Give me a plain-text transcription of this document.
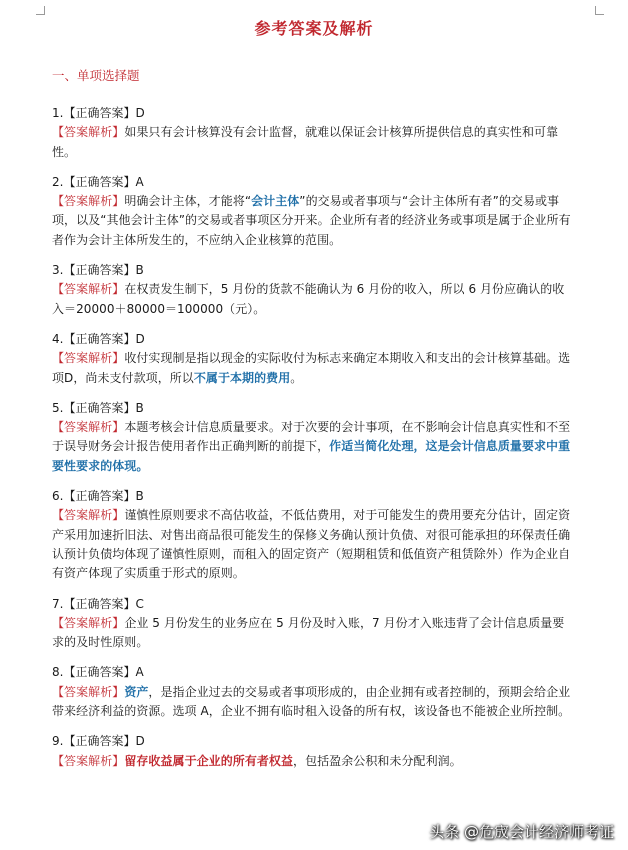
参考答案及解析
一、单项选择题
1.【正确答案】D
【答案解析】如果只有会计核算没有会计监督，就难以保证会计核算所提供信息的真实性和可靠性。
2.【正确答案】A
【答案解析】明确会计主体，才能将“会计主体”的交易或者事项与“会计主体所有者”的交易或事项，以及“其他会计主体”的交易或者事项区分开来。企业所有者的经济业务或事项是属于企业所有者作为会计主体所发生的，不应纳入企业核算的范围。
3.【正确答案】B
【答案解析】在权责发生制下，5 月份的货款不能确认为 6 月份的收入，所以 6 月份应确认的收入＝20000＋80000＝100000（元）。
4.【正确答案】D
【答案解析】收付实现制是指以现金的实际收付为标志来确定本期收入和支出的会计核算基础。选项D，尚未支付款项，所以不属于本期的费用。
5.【正确答案】B
【答案解析】本题考核会计信息质量要求。对于次要的会计事项，在不影响会计信息真实性和不至于误导财务会计报告使用者作出正确判断的前提下，作适当简化处理，这是会计信息质量要求中重要性要求的体现。
6.【正确答案】B
【答案解析】谨慎性原则要求不高估收益，不低估费用，对于可能发生的费用要充分估计，固定资产采用加速折旧法、对售出商品很可能发生的保修义务确认预计负债、对很可能承担的环保责任确认预计负债均体现了谨慎性原则，而租入的固定资产（短期租赁和低值资产租赁除外）作为企业自有资产体现了实质重于形式的原则。
7.【正确答案】C
【答案解析】企业 5 月份发生的业务应在 5 月份及时入账，7 月份才入账违背了会计信息质量要求的及时性原则。
8.【正确答案】A
【答案解析】资产，是指企业过去的交易或者事项形成的，由企业拥有或者控制的，预期会给企业带来经济利益的资源。选项 A，企业不拥有临时租入设备的所有权，该设备也不能被企业所控制。
9.【正确答案】D
【答案解析】留存收益属于企业的所有者权益，包括盈余公积和未分配利润。
头条 @危宬会计经济师考证
